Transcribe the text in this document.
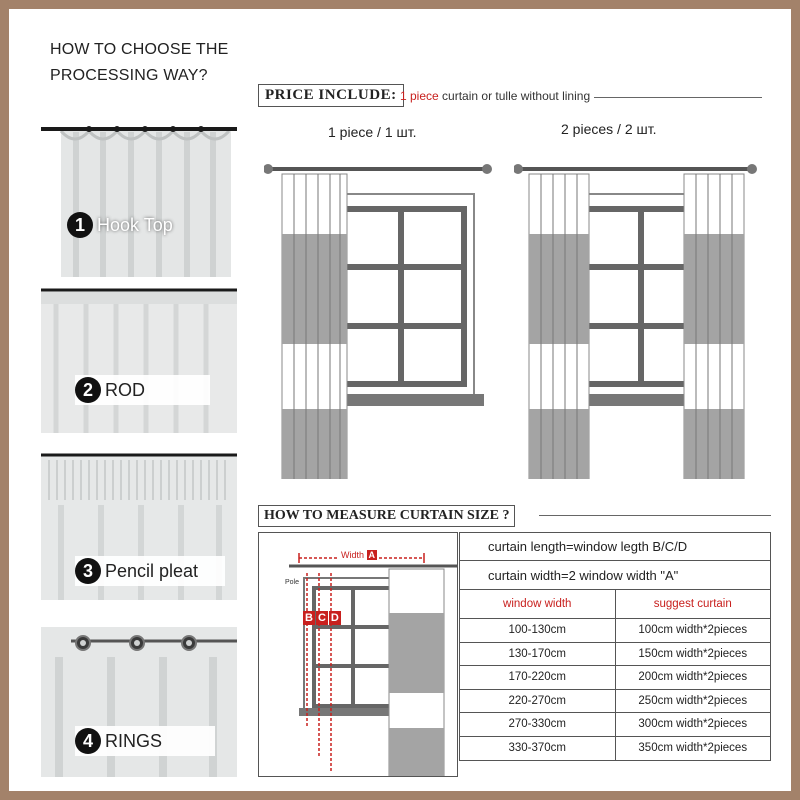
HOW TO CHOOSE THE
PROCESSING WAY?
1 Hook Top
2 ROD
3 Pencil pleat
4 RINGS
PRICE INCLUDE: 1 piece curtain or tulle without lining
1 piece / 1 шт.	2 pieces / 2 шт.
HOW TO MEASURE CURTAIN SIZE ?
Width A
Pole
B C D
curtain length=window legth B/C/D
curtain width=2 window width "A"
window width	suggest curtain
100-130cm	100cm width*2pieces
130-170cm	150cm width*2pieces
170-220cm	200cm width*2pieces
220-270cm	250cm width*2pieces
270-330cm	300cm width*2pieces
330-370cm	350cm width*2pieces
